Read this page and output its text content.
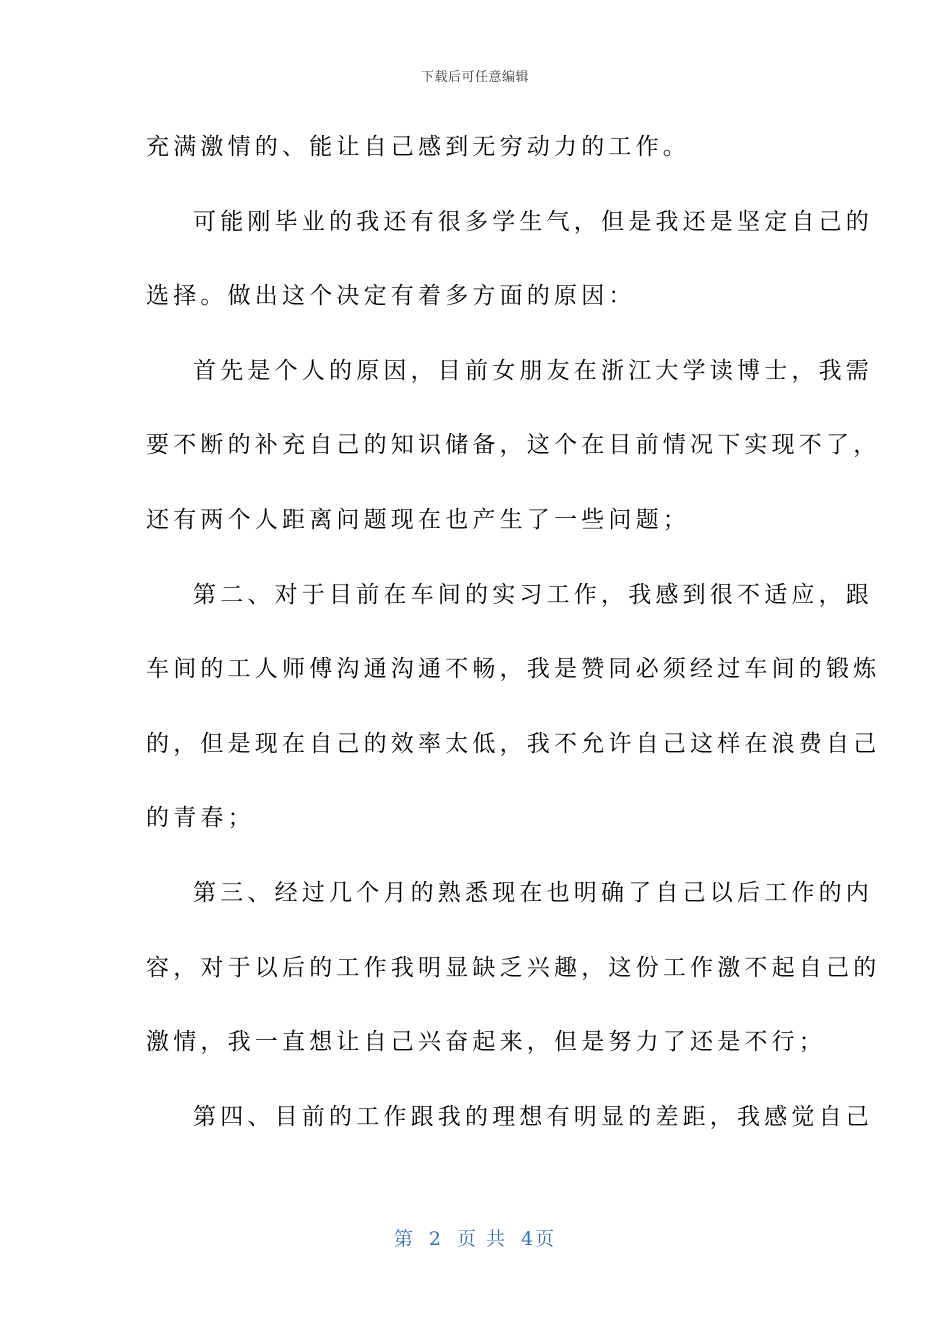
下载后可任意编辑
充满激情的、能让自己感到无穷动力的工作。
可能刚毕业的我还有很多学生气，但是我还是坚定自己的
选择。做出这个决定有着多方面的原因：
首先是个人的原因，目前女朋友在浙江大学读博士，我需
要不断的补充自己的知识储备，这个在目前情况下实现不了，
还有两个人距离问题现在也产生了一些问题；
第二、对于目前在车间的实习工作，我感到很不适应，跟
车间的工人师傅沟通沟通不畅，我是赞同必须经过车间的锻炼
的，但是现在自己的效率太低，我不允许自己这样在浪费自己
的青春；
第三、经过几个月的熟悉现在也明确了自己以后工作的内
容，对于以后的工作我明显缺乏兴趣，这份工作激不起自己的
激情，我一直想让自己兴奋起来，但是努力了还是不行；
第四、目前的工作跟我的理想有明显的差距，我感觉自己
第 2 页 共 4页
